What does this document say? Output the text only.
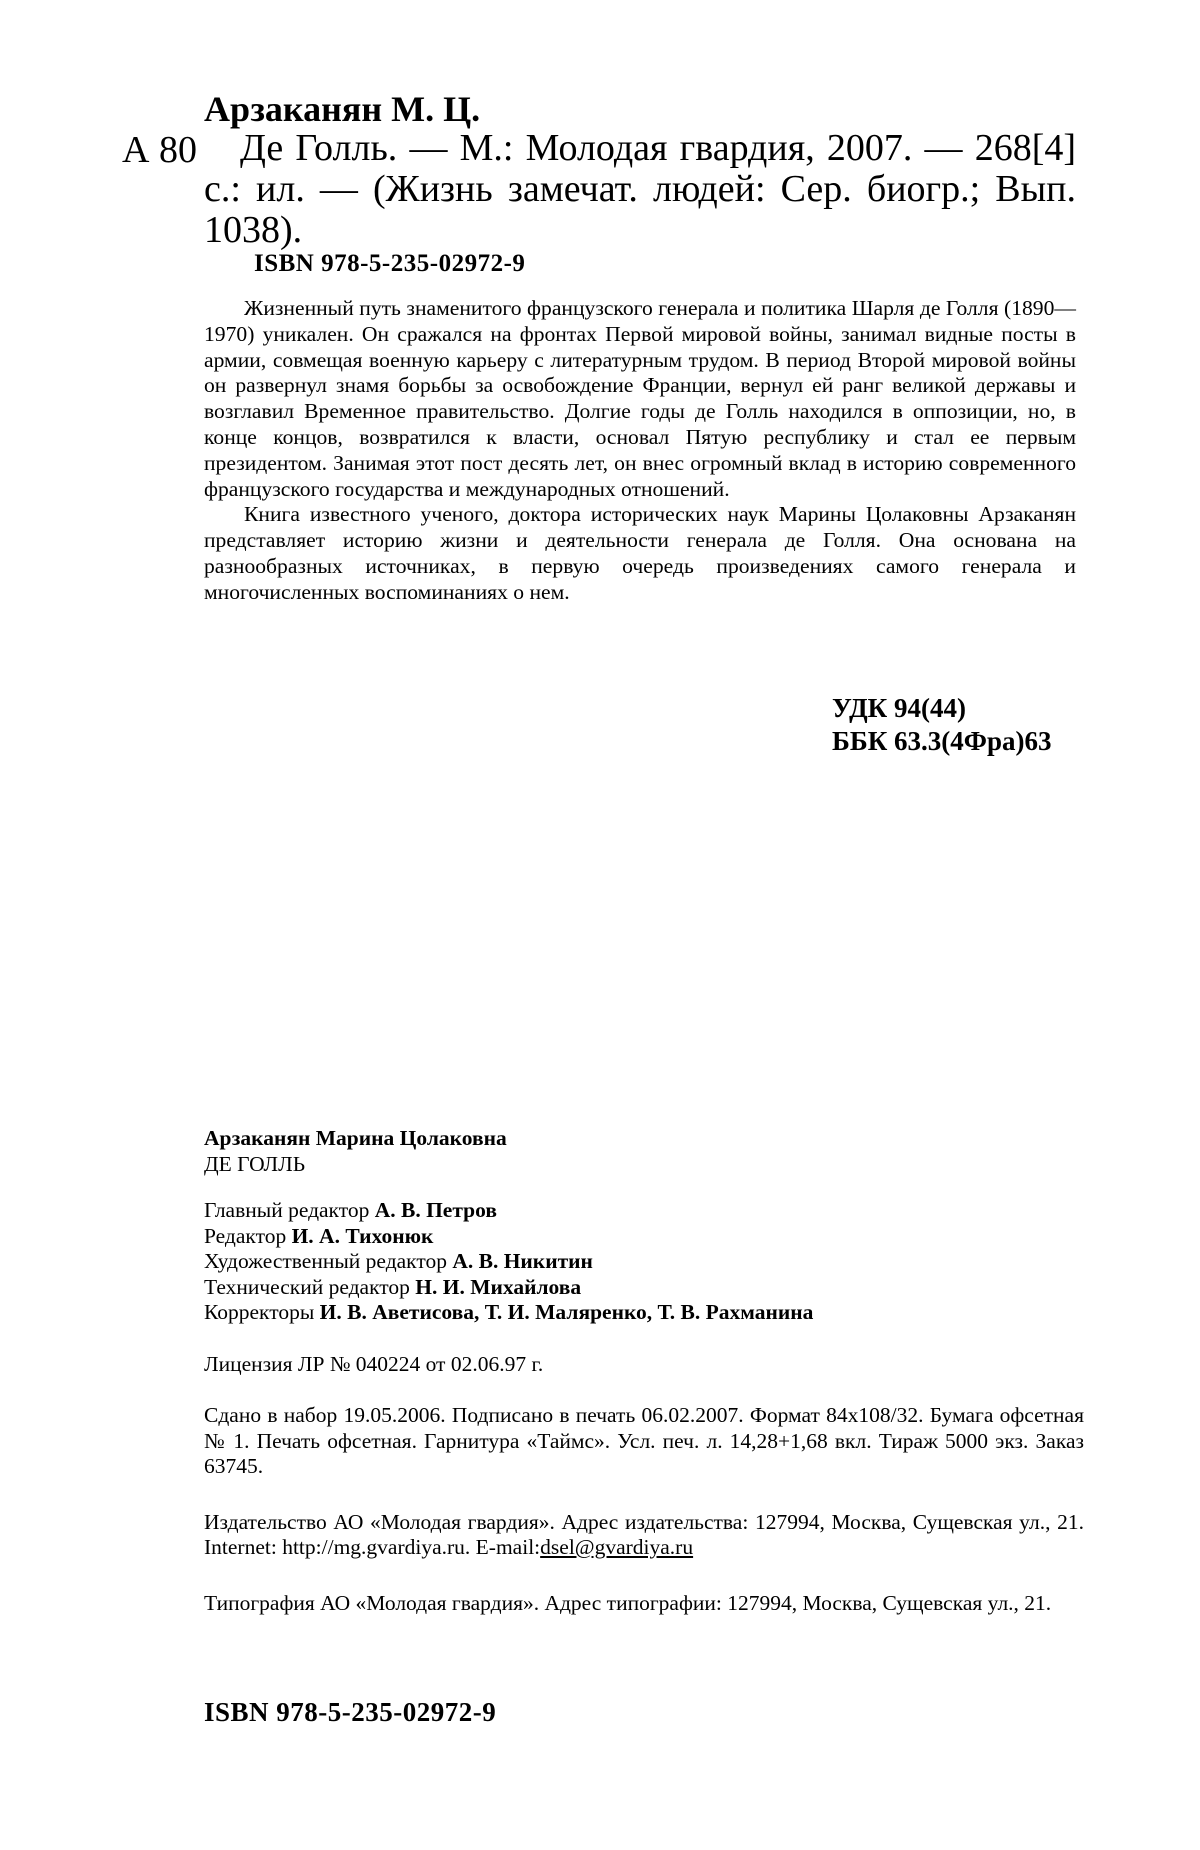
Арзаканян М. Ц.
А 80	Де Голль. — М.: Молодая гвардия, 2007. — 268[4] с.: ил. — (Жизнь замечат. людей: Сер. биогр.; Вып. 1038).
ISBN 978-5-235-02972-9

Жизненный путь знаменитого французского генерала и политика Шарля де Голля (1890—1970) уникален. Он сражался на фронтах Первой мировой войны, занимал видные посты в армии, совмещая военную карьеру с литературным трудом. В период Второй мировой войны он развернул знамя борьбы за освобождение Франции, вернул ей ранг великой державы и возглавил Временное правительство. Долгие годы де Голль находился в оппозиции, но, в конце концов, возвратился к власти, основал Пятую республику и стал ее первым президентом. Занимая этот пост десять лет, он внес огромный вклад в историю современного французского государства и международных отношений.

Книга известного ученого, доктора исторических наук Марины Цолаковны Арзаканян представляет историю жизни и деятельности генерала де Голля. Она основана на разнообразных источниках, в первую очередь произведениях самого генерала и многочисленных воспоминаниях о нем.

УДК 94(44)
ББК 63.3(4Фра)63
Арзаканян Марина Цолаковна
ДЕ ГОЛЛЬ
Главный редактор А. В. Петров
Редактор И. А. Тихонюк
Художественный редактор А. В. Никитин
Технический редактор Н. И. Михайлова
Корректоры И. В. Аветисова, Т. И. Маляренко, Т. В. Рахманина
Лицензия ЛР № 040224 от 02.06.97 г.
Сдано в набор 19.05.2006. Подписано в печать 06.02.2007. Формат 84x108/32. Бумага офсетная № 1. Печать офсетная. Гарнитура «Таймс». Усл. печ. л. 14,28+1,68 вкл. Тираж 5000 экз. Заказ 63745.
Издательство АО «Молодая гвардия». Адрес издательства: 127994, Москва, Сущевская ул., 21. Internet: http://mg.gvardiya.ru. E-mail:dsel@gvardiya.ru
Типография АО «Молодая гвардия». Адрес типографии: 127994, Москва, Сущевская ул., 21.
ISBN 978-5-235-02972-9
